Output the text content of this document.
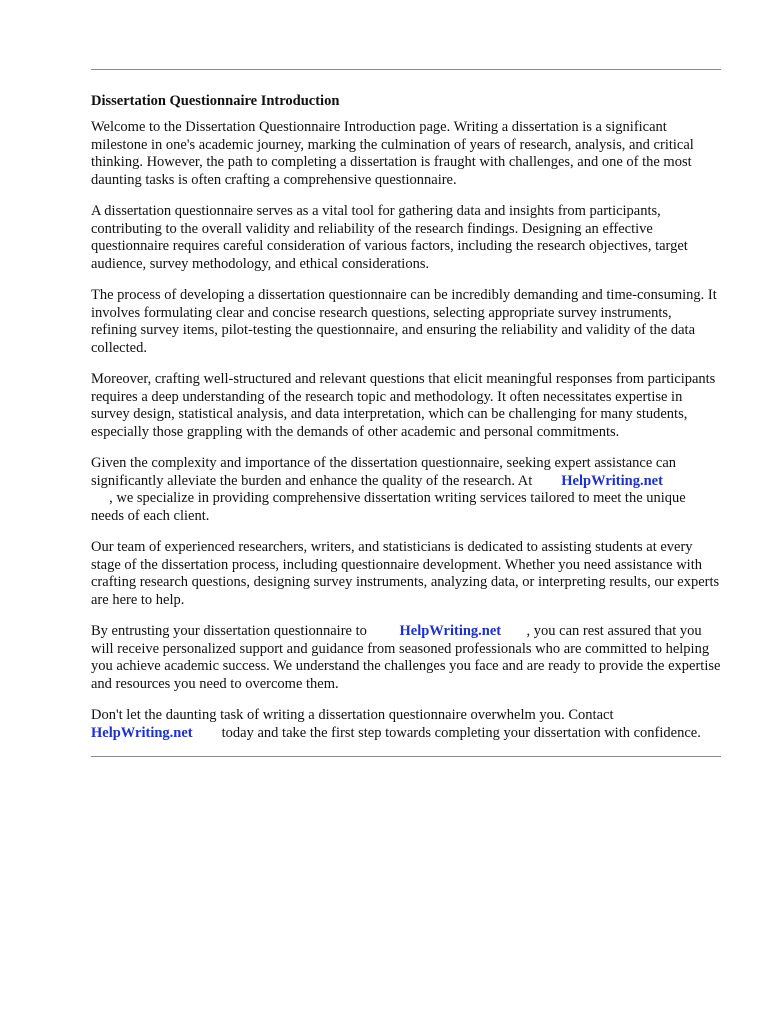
Dissertation Questionnaire Introduction

Welcome to the Dissertation Questionnaire Introduction page. Writing a dissertation is a significant milestone in one's academic journey, marking the culmination of years of research, analysis, and critical thinking. However, the path to completing a dissertation is fraught with challenges, and one of the most daunting tasks is often crafting a comprehensive questionnaire.

A dissertation questionnaire serves as a vital tool for gathering data and insights from participants, contributing to the overall validity and reliability of the research findings. Designing an effective questionnaire requires careful consideration of various factors, including the research objectives, target audience, survey methodology, and ethical considerations.

The process of developing a dissertation questionnaire can be incredibly demanding and time-consuming. It involves formulating clear and concise research questions, selecting appropriate survey instruments, refining survey items, pilot-testing the questionnaire, and ensuring the reliability and validity of the data collected.

Moreover, crafting well-structured and relevant questions that elicit meaningful responses from participants requires a deep understanding of the research topic and methodology. It often necessitates expertise in survey design, statistical analysis, and data interpretation, which can be challenging for many students, especially those grappling with the demands of other academic and personal commitments.

Given the complexity and importance of the dissertation questionnaire, seeking expert assistance can significantly alleviate the burden and enhance the quality of the research. At HelpWriting.net
, we specialize in providing comprehensive dissertation writing services tailored to meet the unique needs of each client.

Our team of experienced researchers, writers, and statisticians is dedicated to assisting students at every stage of the dissertation process, including questionnaire development. Whether you need assistance with crafting research questions, designing survey instruments, analyzing data, or interpreting results, our experts are here to help.

By entrusting your dissertation questionnaire to HelpWriting.net , you can rest assured that you will receive personalized support and guidance from seasoned professionals who are committed to helping you achieve academic success. We understand the challenges you face and are ready to provide the expertise and resources you need to overcome them.

Don't let the daunting task of writing a dissertation questionnaire overwhelm you. Contact
HelpWriting.net today and take the first step towards completing your dissertation with confidence.
